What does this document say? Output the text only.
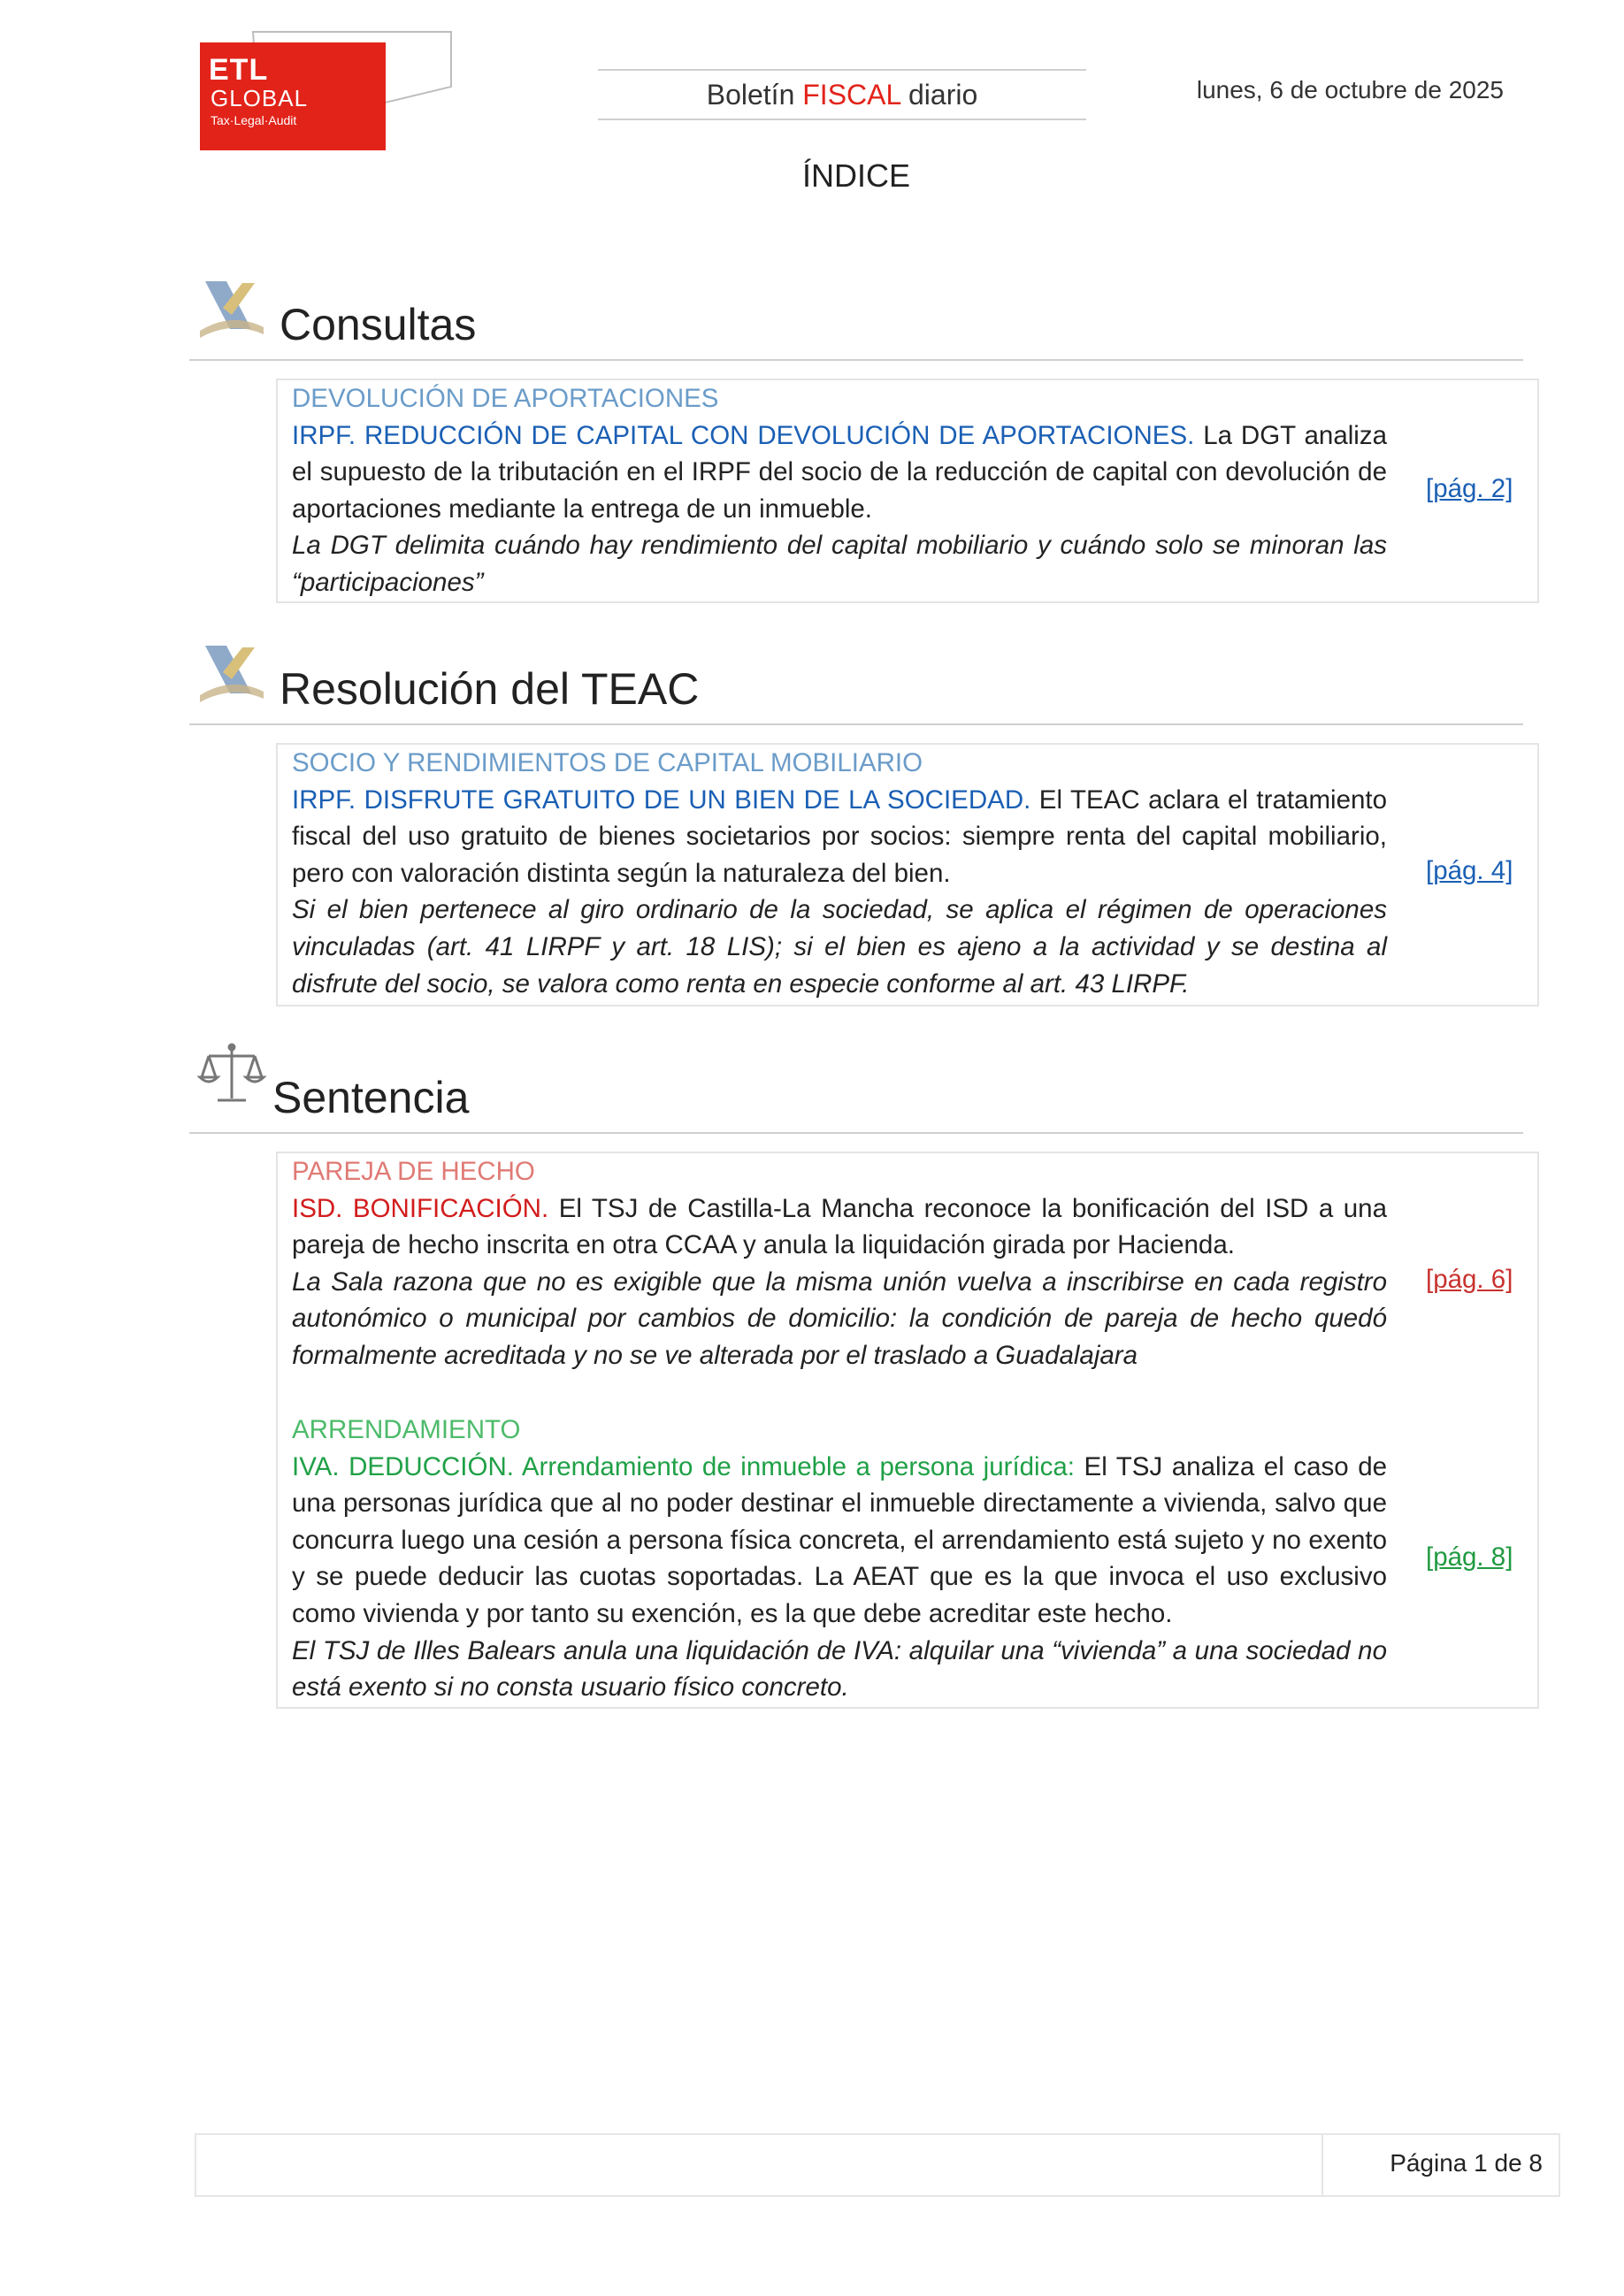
ETL
GLOBAL
Tax·Legal·Audit
Boletín FISCAL diario	lunes, 6 de octubre de 2025
ÍNDICE
Consultas
DEVOLUCIÓN DE APORTACIONES
IRPF. REDUCCIÓN DE CAPITAL CON DEVOLUCIÓN DE APORTACIONES. La DGT analiza el supuesto de la tributación en el IRPF del socio de la reducción de capital con devolución de aportaciones mediante la entrega de un inmueble.
La DGT delimita cuándo hay rendimiento del capital mobiliario y cuándo solo se minoran las “participaciones”
[pág. 2]
Resolución del TEAC
SOCIO Y RENDIMIENTOS DE CAPITAL MOBILIARIO
IRPF. DISFRUTE GRATUITO DE UN BIEN DE LA SOCIEDAD. El TEAC aclara el tratamiento fiscal del uso gratuito de bienes societarios por socios: siempre renta del capital mobiliario, pero con valoración distinta según la naturaleza del bien.
Si el bien pertenece al giro ordinario de la sociedad, se aplica el régimen de operaciones vinculadas (art. 41 LIRPF y art. 18 LIS); si el bien es ajeno a la actividad y se destina al disfrute del socio, se valora como renta en especie conforme al art. 43 LIRPF.
[pág. 4]
Sentencia
PAREJA DE HECHO
ISD. BONIFICACIÓN. El TSJ de Castilla-La Mancha reconoce la bonificación del ISD a una pareja de hecho inscrita en otra CCAA y anula la liquidación girada por Hacienda.
La Sala razona que no es exigible que la misma unión vuelva a inscribirse en cada registro autonómico o municipal por cambios de domicilio: la condición de pareja de hecho quedó formalmente acreditada y no se ve alterada por el traslado a Guadalajara
[pág. 6]
ARRENDAMIENTO
IVA. DEDUCCIÓN. Arrendamiento de inmueble a persona jurídica: El TSJ analiza el caso de una personas jurídica que al no poder destinar el inmueble directamente a vivienda, salvo que concurra luego una cesión a persona física concreta, el arrendamiento está sujeto y no exento y se puede deducir las cuotas soportadas. La AEAT que es la que invoca el uso exclusivo como vivienda y por tanto su exención, es la que debe acreditar este hecho.
El TSJ de Illes Balears anula una liquidación de IVA: alquilar una “vivienda” a una sociedad no está exento si no consta usuario físico concreto.
[pág. 8]
Página 1 de 8
